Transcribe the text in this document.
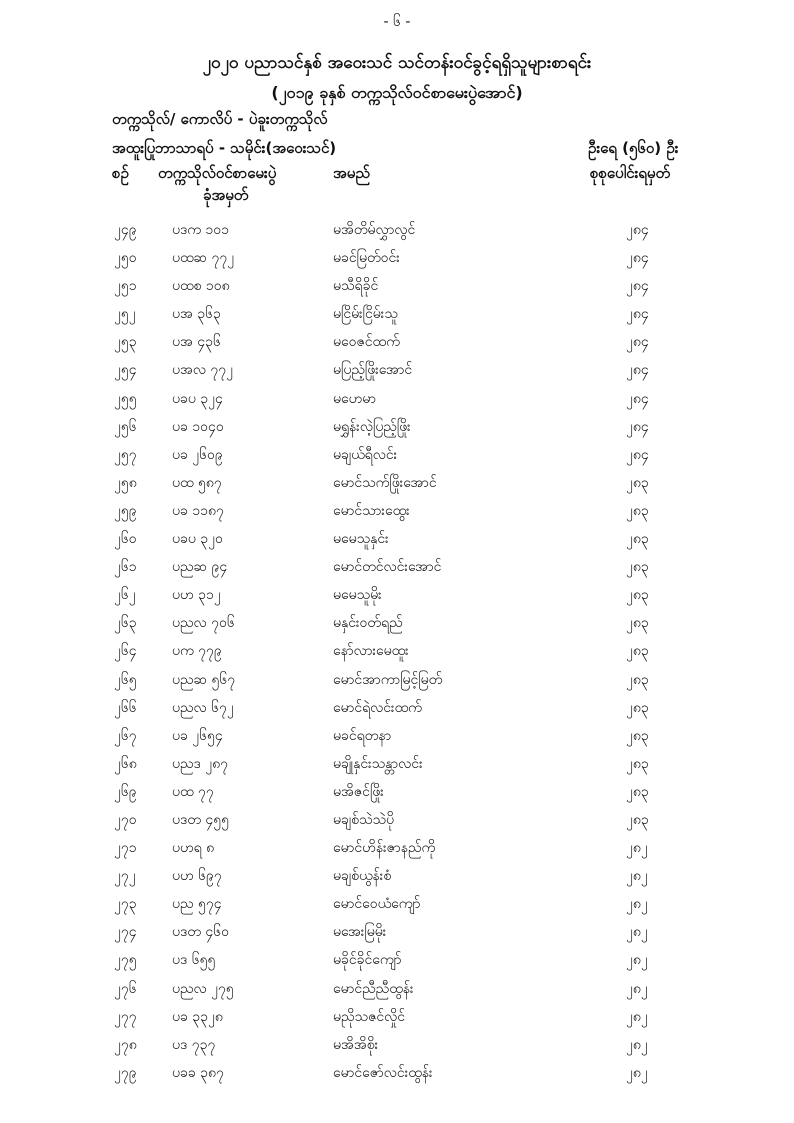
- ၆ -
၂၀၂၀ ပညာသင်နှစ် အဝေးသင် သင်တန်းဝင်ခွင့်ရရှိသူများစာရင်း
(၂၀၁၉ ခုနှစ် တက္ကသိုလ်ဝင်စာမေးပွဲအောင်)
တက္ကသိုလ်/ ကောလိပ် - ပဲခူးတက္ကသိုလ်
အထူးပြုဘာသာရပ် - သမိုင်း(အဝေးသင်)	ဦးရေ (၅၆၀) ဦး
စဉ် တက္ကသိုလ်ဝင်စာမေးပွဲ
ခုံအမှတ်
အမည်	စုစုပေါင်းရမှတ်
၂၄၉	ပဒက ၁၀၁	မအိတိမ်လွှာလွင်	၂၈၄
၂၅၀	ပထဆ ၇၇၂	မခင်မြတ်ဝင်း	၂၈၄
၂၅၁	ပထစ ၁၀၈	မသီရိခိုင်	၂၈၄
၂၅၂	ပအ ၃၆၃	မငြိမ်းငြိမ်းသူ	၂၈၄
၂၅၃	ပအ ၄၃၆	မဝေဇင်ထက်	၂၈၄
၂၅၄	ပအလ ၇၇၂	မပြည့်ဖြိုးအောင်	၂၈၄
၂၅၅	ပခပ ၃၂၄	မဟေမာ	၂၈၄
၂၅၆	ပခ ၁၀၄၀	မရွှန်းလဲ့ပြည့်ဖြိုး	၂၈၄
၂၅၇	ပခ ၂၆၀၉	မချယ်ရီလင်း	၂၈၄
၂၅၈	ပထ ၅၈၇	မောင်သက်ဖြိုးအောင်	၂၈၃
၂၅၉	ပခ ၁၁၈၇	မောင်သားထွေး	၂၈၃
၂၆၀	ပခပ ၃၂၀	မမေသူနှင်း	၂၈၃
၂၆၁	ပညဆ ၉၄	မောင်တင်လင်းအောင်	၂၈၃
၂၆၂	ပဟ ၃၁၂	မမေသူမိုး	၂၈၃
၂၆၃	ပညလ ၇၀၆	မနှင်းဝတ်ရည်	၂၈၃
၂၆၄	ပက ၇၇၉	နော်လားမေထူး	၂၈၃
၂၆၅	ပညဆ ၅၆၇	မောင်အာကာမြင့်မြတ်	၂၈၃
၂၆၆	ပညလ ၆၇၂	မောင်ရဲလင်းထက်	၂၈၃
၂၆၇	ပခ ၂၆၅၄	မခင်ရတနာ	၂၈၃
၂၆၈	ပညဒ ၂၈၇	မချိုနှင်းသန္တာလင်း	၂၈၃
၂၆၉	ပထ ၇၇	မအိဇင်ဖြိုး	၂၈၃
၂၇၀	ပဒတ ၄၅၅	မချစ်သဲသဲပို	၂၈၃
၂၇၁	ပဟရ ၈	မောင်ဟိန်းဇာနည်ကို	၂၈၂
၂၇၂	ပဟ ၆၉၇	မချစ်ယွန်းစံ	၂၈၂
၂၇၃	ပည ၅၇၄	မောင်ဝေယံကျော်	၂၈၂
၂၇၄	ပဒတ ၄၆၀	မအေးမြမိုး	၂၈၂
၂၇၅	ပဒ ၆၅၅	မခိုင်ခိုင်ကျော်	၂၈၂
၂၇၆	ပညလ ၂၇၅	မောင်ညီညီထွန်း	၂၈၂
၂၇၇	ပခ ၃၃၂၈	မညိုသဇင်လှိုင်	၂၈၂
၂၇၈	ပဒ ၇၃၇	မအိအိစိုး	၂၈၂
၂၇၉	ပခခ ၃၈၇	မောင်ဇော်လင်းထွန်း	၂၈၂
